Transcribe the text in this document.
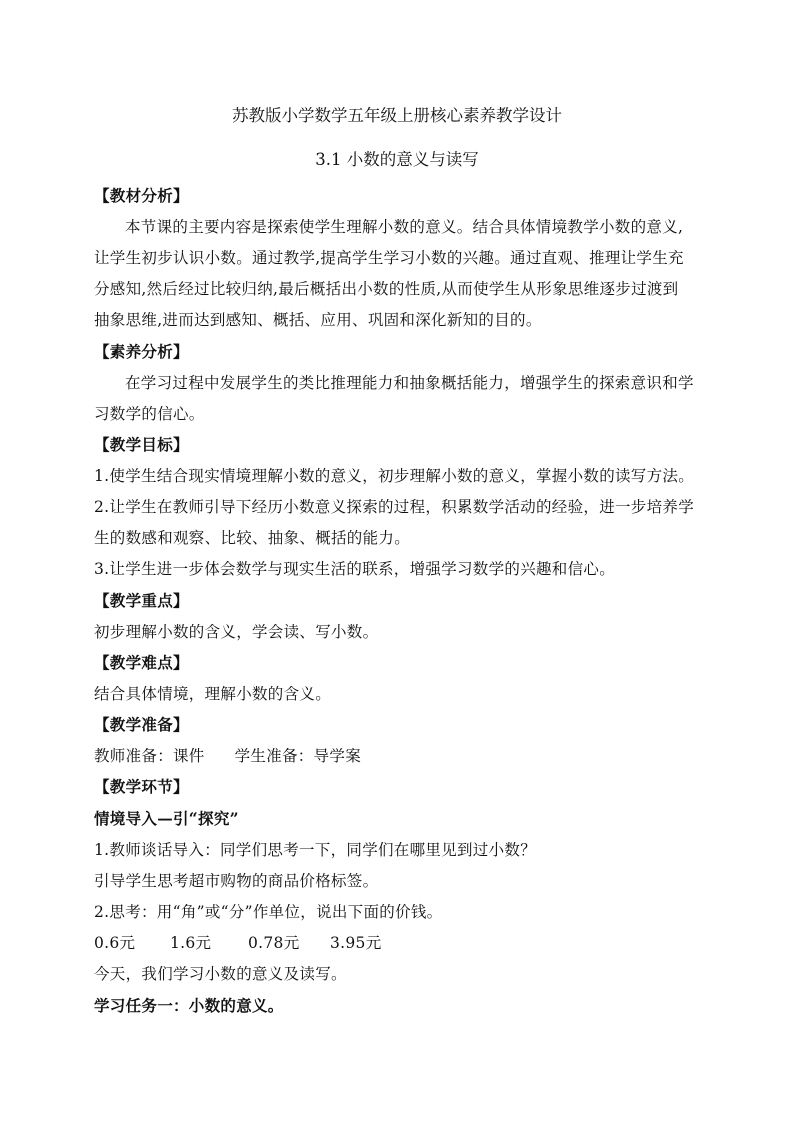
苏教版小学数学五年级上册核心素养教学设计
3.1 小数的意义与读写
【教材分析】
本节课的主要内容是探索使学生理解小数的意义。结合具体情境教学小数的意义,
让学生初步认识小数。通过教学,提高学生学习小数的兴趣。通过直观、推理让学生充
分感知,然后经过比较归纳,最后概括出小数的性质,从而使学生从形象思维逐步过渡到
抽象思维,进而达到感知、概括、应用、巩固和深化新知的目的。
【素养分析】
在学习过程中发展学生的类比推理能力和抽象概括能力，增强学生的探索意识和学
习数学的信心。
【教学目标】
1.使学生结合现实情境理解小数的意义，初步理解小数的意义，掌握小数的读写方法。
2.让学生在教师引导下经历小数意义探索的过程，积累数学活动的经验，进一步培养学
生的数感和观察、比较、抽象、概括的能力。
3.让学生进一步体会数学与现实生活的联系，增强学习数学的兴趣和信心。
【教学重点】
初步理解小数的含义，学会读、写小数。
【教学难点】
结合具体情境，理解小数的含义。
【教学准备】
教师准备：课件 学生准备：导学案
【教学环节】
情境导入—引“探究”
1.教师谈话导入：同学们思考一下，同学们在哪里见到过小数？
引导学生思考超市购物的商品价格标签。
2.思考：用“角”或“分”作单位，说出下面的价钱。
0.6元 1.6元 0.78元 3.95元
今天，我们学习小数的意义及读写。
学习任务一：小数的意义。
